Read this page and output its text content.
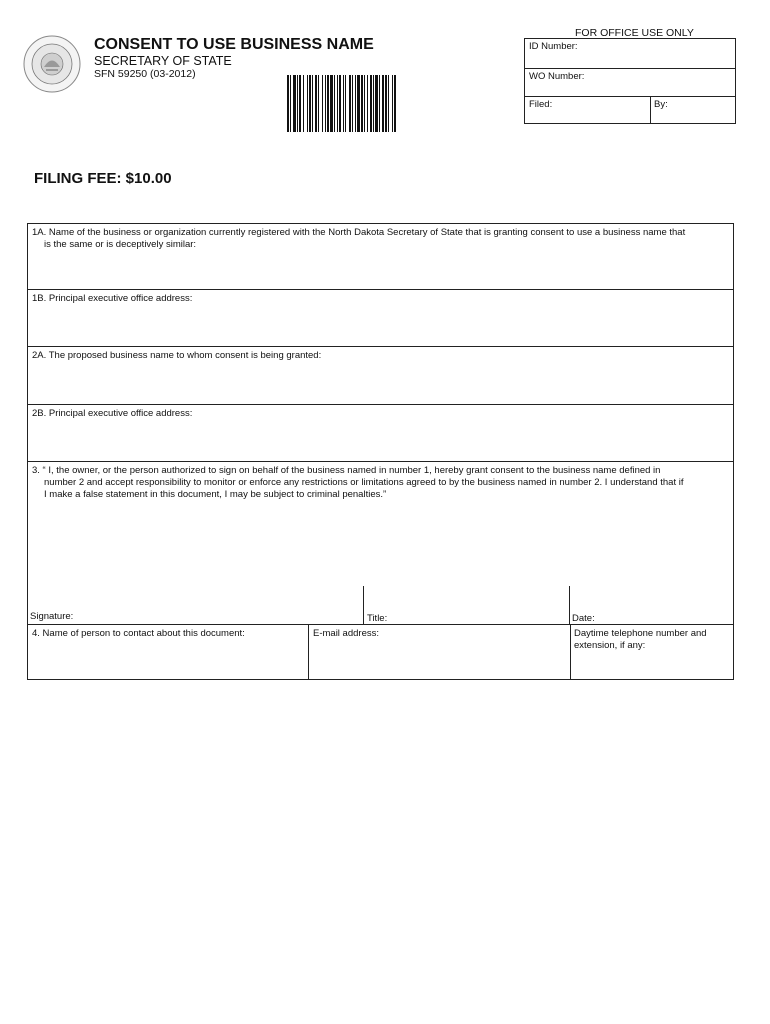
CONSENT TO USE BUSINESS NAME
SECRETARY OF STATE
SFN 59250 (03-2012)
FOR OFFICE USE ONLY
ID Number:
WO Number:
Filed:	By:
FILING FEE: $10.00
1A. Name of the business or organization currently registered with the North Dakota Secretary of State that is granting consent to use a business name that
is the same or is deceptively similar:
1B. Principal executive office address:
2A. The proposed business name to whom consent is being granted:
2B. Principal executive office address:
3. “ I, the owner, or the person authorized to sign on behalf of the business named in number 1, hereby grant consent to the business name defined in
number 2 and accept responsibility to monitor or enforce any restrictions or limitations agreed to by the business named in number 2. I understand that if
I make a false statement in this document, I may be subject to criminal penalties.”
Signature:	Title:	Date:
4. Name of person to contact about this document:	E-mail address:	Daytime telephone number and
extension, if any:
